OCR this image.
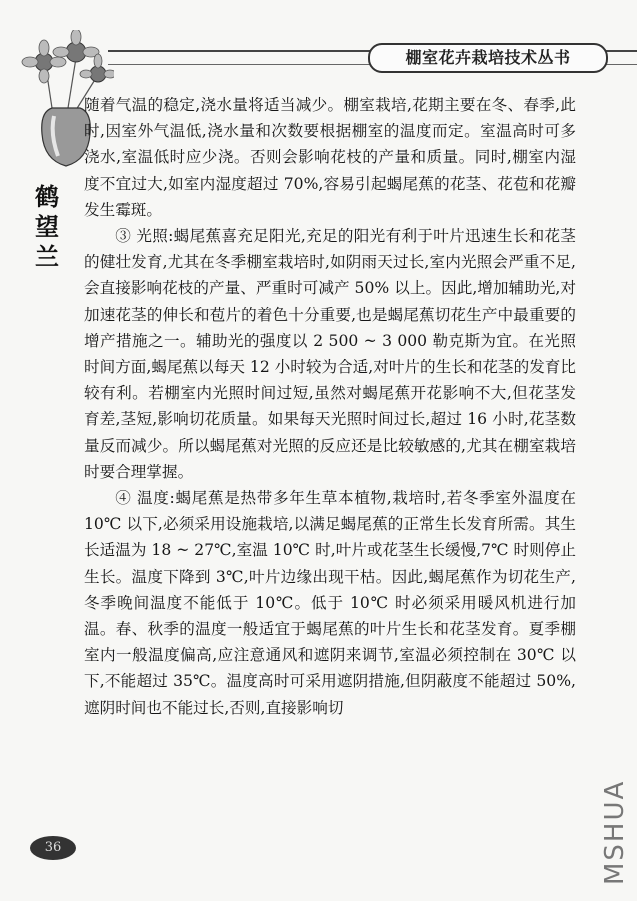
棚室花卉栽培技术丛书
鹤
望
兰

随着气温的稳定,浇水量将适当减少。棚室栽培,花期主要在冬、春季,此时,因室外气温低,浇水量和次数要根据棚室的温度而定。室温高时可多浇水,室温低时应少浇。否则会影响花枝的产量和质量。同时,棚室内湿度不宜过大,如室内湿度超过 70%,容易引起蝎尾蕉的花茎、花苞和花瓣发生霉斑。

③ 光照:蝎尾蕉喜充足阳光,充足的阳光有利于叶片迅速生长和花茎的健壮发育,尤其在冬季棚室栽培时,如阴雨天过长,室内光照会严重不足,会直接影响花枝的产量、严重时可减产 50% 以上。因此,增加辅助光,对加速花茎的伸长和苞片的着色十分重要,也是蝎尾蕉切花生产中最重要的增产措施之一。辅助光的强度以 2 500 ~ 3 000 勒克斯为宜。在光照时间方面,蝎尾蕉以每天 12 小时较为合适,对叶片的生长和花茎的发育比较有利。若棚室内光照时间过短,虽然对蝎尾蕉开花影响不大,但花茎发育差,茎短,影响切花质量。如果每天光照时间过长,超过 16 小时,花茎数量反而减少。所以蝎尾蕉对光照的反应还是比较敏感的,尤其在棚室栽培时要合理掌握。

④ 温度:蝎尾蕉是热带多年生草本植物,栽培时,若冬季室外温度在 10℃ 以下,必须采用设施栽培,以满足蝎尾蕉的正常生长发育所需。其生长适温为 18 ~ 27℃,室温 10℃ 时,叶片或花茎生长缓慢,7℃ 时则停止生长。温度下降到 3℃,叶片边缘出现干枯。因此,蝎尾蕉作为切花生产,冬季晚间温度不能低于 10℃。低于 10℃ 时必须采用暖风机进行加温。春、秋季的温度一般适宜于蝎尾蕉的叶片生长和花茎发育。夏季棚室内一般温度偏高,应注意通风和遮阴来调节,室温必须控制在 30℃ 以下,不能超过 35℃。温度高时可采用遮阴措施,但阴蔽度不能超过 50%,遮阴时间也不能过长,否则,直接影响切

36	MSHUA
